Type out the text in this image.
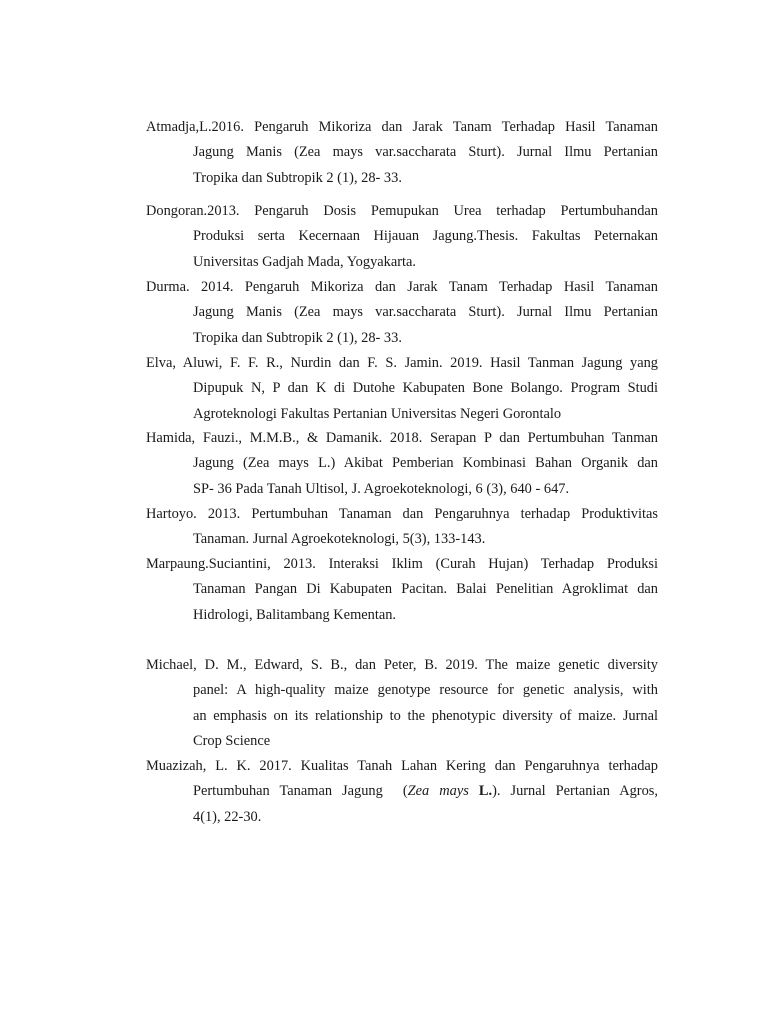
Atmadja,L.2016. Pengaruh Mikoriza dan Jarak Tanam Terhadap Hasil Tanaman
Jagung Manis (Zea mays var.saccharata Sturt). Jurnal Ilmu Pertanian
Tropika dan Subtropik 2 (1), 28- 33.

Dongoran.2013. Pengaruh Dosis Pemupukan Urea terhadap Pertumbuhandan
Produksi serta Kecernaan Hijauan Jagung.Thesis. Fakultas Peternakan
Universitas Gadjah Mada, Yogyakarta.

Durma. 2014. Pengaruh Mikoriza dan Jarak Tanam Terhadap Hasil Tanaman
Jagung Manis (Zea mays var.saccharata Sturt). Jurnal Ilmu Pertanian
Tropika dan Subtropik 2 (1), 28- 33.

Elva, Aluwi, F. F. R., Nurdin dan F. S. Jamin. 2019. Hasil Tanman Jagung yang
Dipupuk N, P dan K di Dutohe Kabupaten Bone Bolango. Program Studi
Agroteknologi Fakultas Pertanian Universitas Negeri Gorontalo

Hamida, Fauzi., M.M.B., & Damanik. 2018. Serapan P dan Pertumbuhan Tanman
Jagung (Zea mays L.) Akibat Pemberian Kombinasi Bahan Organik dan
SP- 36 Pada Tanah Ultisol, J. Agroekoteknologi, 6 (3), 640 - 647.

Hartoyo. 2013. Pertumbuhan Tanaman dan Pengaruhnya terhadap Produktivitas
Tanaman. Jurnal Agroekoteknologi, 5(3), 133-143.

Marpaung.Suciantini, 2013. Interaksi Iklim (Curah Hujan) Terhadap Produksi
Tanaman Pangan Di Kabupaten Pacitan. Balai Penelitian Agroklimat dan
Hidrologi, Balitambang Kementan.

Michael, D. M., Edward, S. B., dan Peter, B. 2019. The maize genetic diversity
panel: A high-quality maize genotype resource for genetic analysis, with
an emphasis on its relationship to the phenotypic diversity of maize. Jurnal
Crop Science

Muazizah, L. K. 2017. Kualitas Tanah Lahan Kering dan Pengaruhnya terhadap
Pertumbuhan Tanaman Jagung  (Zea mays L.). Jurnal Pertanian Agros,
4(1), 22-30.
